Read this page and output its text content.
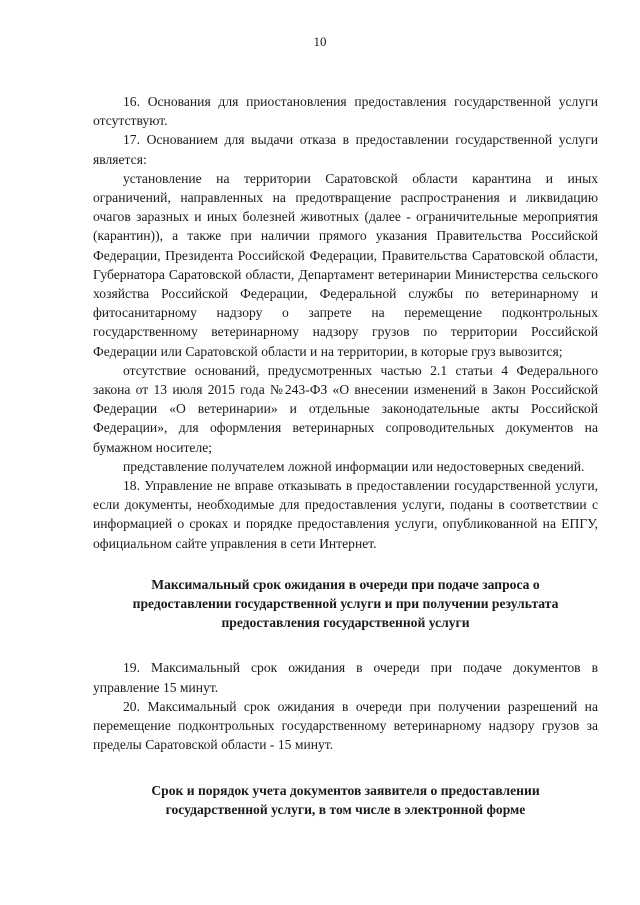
10

16. Основания для приостановления предоставления государственной услуги отсутствуют.

17. Основанием для выдачи отказа в предоставлении государственной услуги является:

установление на территории Саратовской области карантина и иных ограничений, направленных на предотвращение распространения и ликвидацию очагов заразных и иных болезней животных (далее - ограничительные мероприятия (карантин)), а также при наличии прямого указания Правительства Российской Федерации, Президента Российской Федерации, Правительства Саратовской области, Губернатора Саратовской области, Департамент ветеринарии Министерства сельского хозяйства Российской Федерации, Федеральной службы по ветеринарному и фитосанитарному надзору о запрете на перемещение подконтрольных государственному ветеринарному надзору грузов по территории Российской Федерации или Саратовской области и на территории, в которые груз вывозится;

отсутствие оснований, предусмотренных частью 2.1 статьи 4 Федерального закона от 13 июля 2015 года №243-ФЗ «О внесении изменений в Закон Российской Федерации «О ветеринарии» и отдельные законодательные акты Российской Федерации», для оформления ветеринарных сопроводительных документов на бумажном носителе;

представление получателем ложной информации или недостоверных сведений.

18. Управление не вправе отказывать в предоставлении государственной услуги, если документы, необходимые для предоставления услуги, поданы в соответствии с информацией о сроках и порядке предоставления услуги, опубликованной на ЕПГУ, официальном сайте управления в сети Интернет.

Максимальный срок ожидания в очереди при подаче запроса о предоставлении государственной услуги и при получении результата предоставления государственной услуги

19. Максимальный срок ожидания в очереди при подаче документов в управление 15 минут.

20. Максимальный срок ожидания в очереди при получении разрешений на перемещение подконтрольных государственному ветеринарному надзору грузов за пределы Саратовской области - 15 минут.

Срок и порядок учета документов заявителя о предоставлении государственной услуги, в том числе в электронной форме
